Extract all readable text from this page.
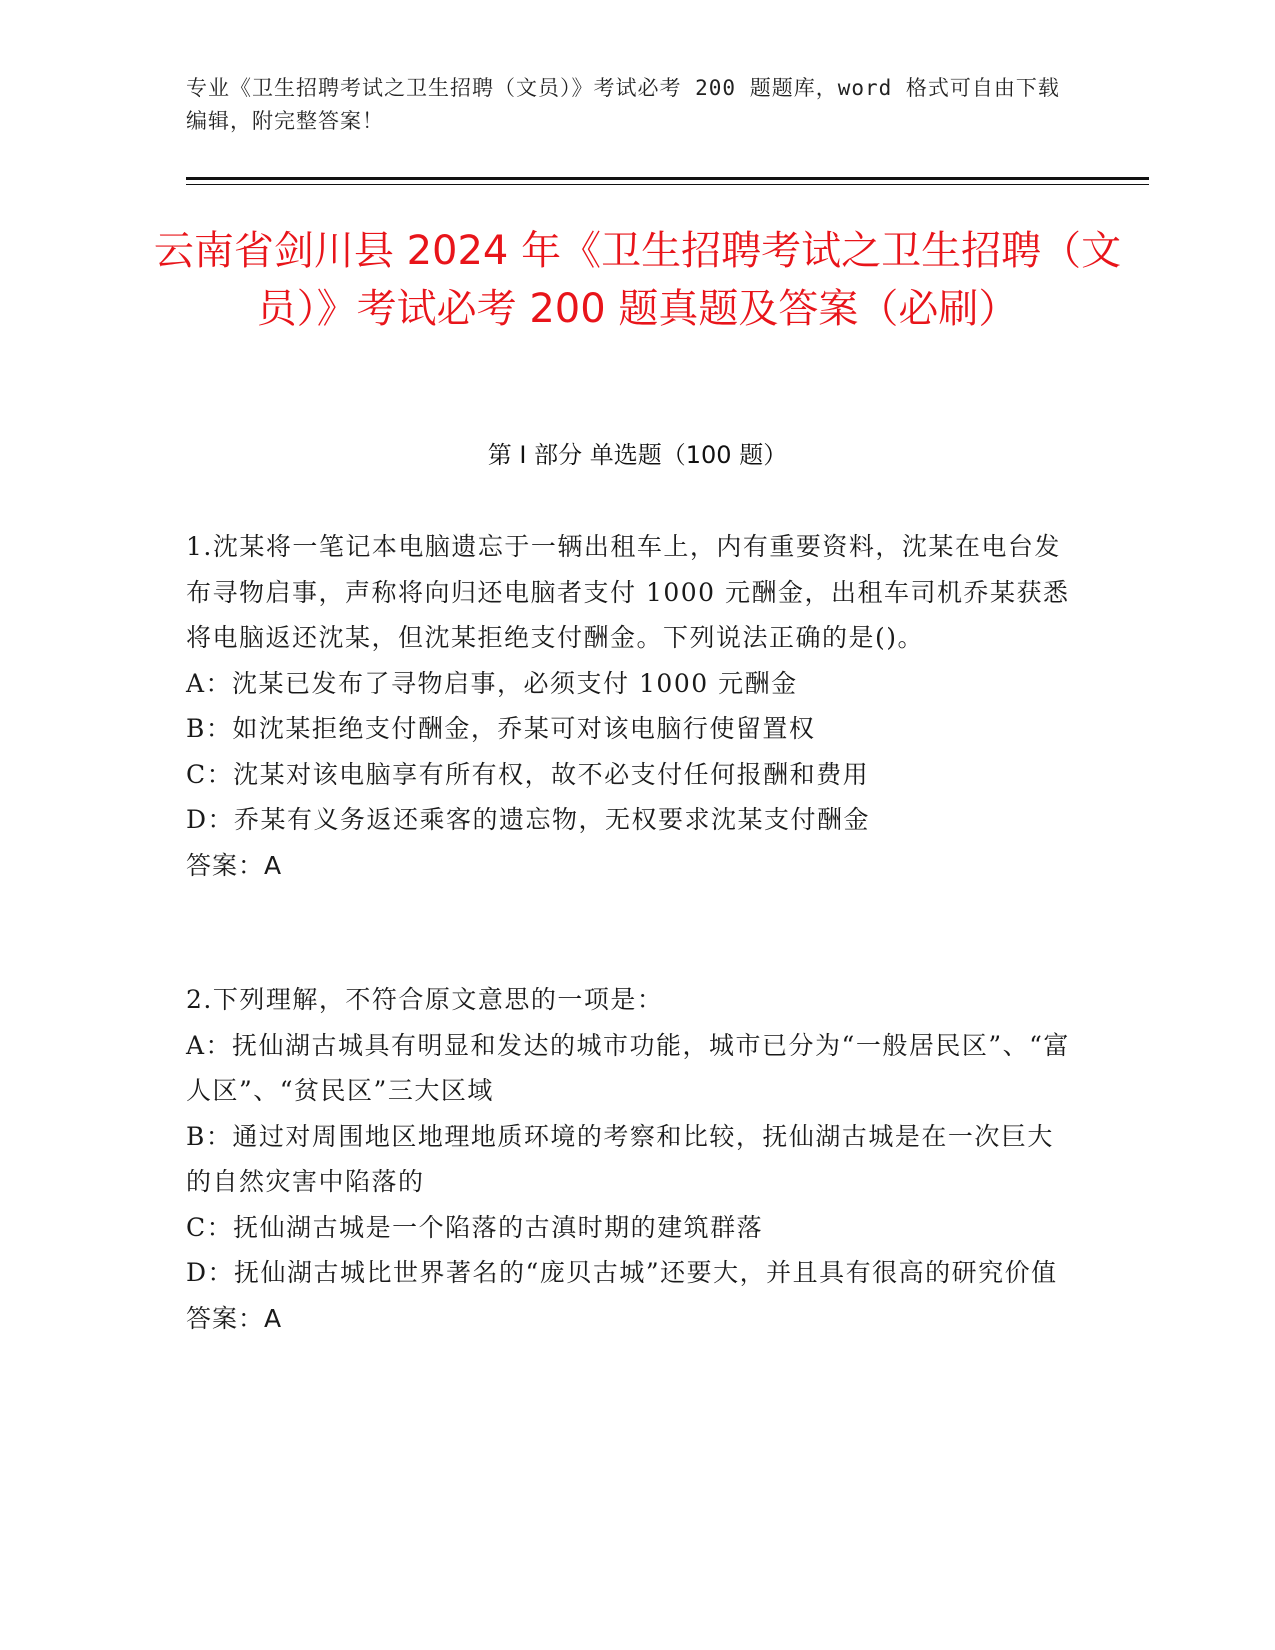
专业《卫生招聘考试之卫生招聘（文员）》考试必考 200 题题库，word 格式可自由下载编辑，附完整答案！
云南省剑川县 2024 年《卫生招聘考试之卫生招聘（文员）》考试必考 200 题真题及答案（必刷）
第 I 部分 单选题（100 题）
1.沈某将一笔记本电脑遗忘于一辆出租车上，内有重要资料，沈某在电台发布寻物启事，声称将向归还电脑者支付 1000 元酬金，出租车司机乔某获悉将电脑返还沈某，但沈某拒绝支付酬金。下列说法正确的是()。
A：沈某已发布了寻物启事，必须支付 1000 元酬金
B：如沈某拒绝支付酬金，乔某可对该电脑行使留置权
C：沈某对该电脑享有所有权，故不必支付任何报酬和费用
D：乔某有义务返还乘客的遗忘物，无权要求沈某支付酬金
答案：A
2.下列理解，不符合原文意思的一项是：
A：抚仙湖古城具有明显和发达的城市功能，城市已分为“一般居民区”、“富人区”、“贫民区”三大区域
B：通过对周围地区地理地质环境的考察和比较，抚仙湖古城是在一次巨大的自然灾害中陷落的
C：抚仙湖古城是一个陷落的古滇时期的建筑群落
D：抚仙湖古城比世界著名的“庞贝古城”还要大，并且具有很高的研究价值
答案：A
